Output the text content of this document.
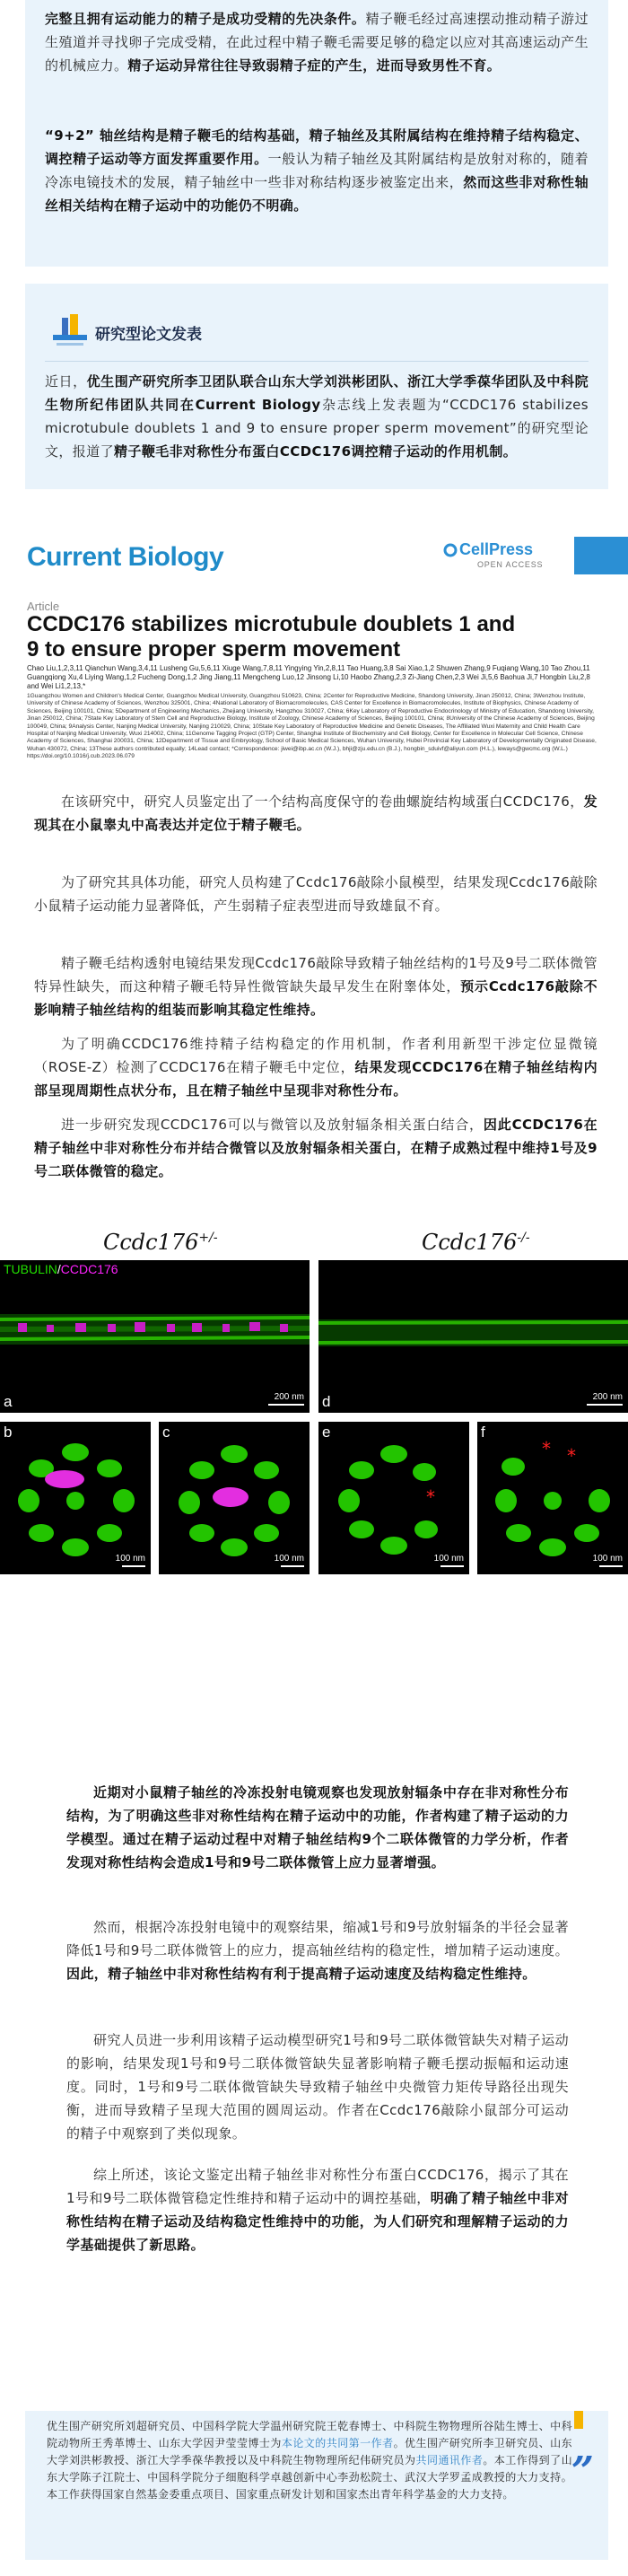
完整且拥有运动能力的精子是成功受精的先决条件。精子鞭毛经过高速摆动推动精子游过生殖道并寻找卵子完成受精，在此过程中精子鞭毛需要足够的稳定以应对其高速运动产生的机械应力。精子运动异常往往导致弱精子症的产生，进而导致男性不育。

“9+2” 轴丝结构是精子鞭毛的结构基础，精子轴丝及其附属结构在维持精子结构稳定、调控精子运动等方面发挥重要作用。一般认为精子轴丝及其附属结构是放射对称的，随着冷冻电镜技术的发展，精子轴丝中一些非对称结构逐步被鉴定出来，然而这些非对称性轴丝相关结构在精子运动中的功能仍不明确。

研究型论文发表

近日，优生围产研究所李卫团队联合山东大学刘洪彬团队、浙江大学季葆华团队及中科院生物所纪伟团队共同在Current Biology杂志线上发表题为“CCDC176 stabilizes microtubule doublets 1 and 9 to ensure proper sperm movement”的研究型论文，报道了精子鞭毛非对称性分布蛋白CCDC176调控精子运动的作用机制。

Current Biology	CellPress
OPEN ACCESS
Article
CCDC176 stabilizes microtubule doublets 1 and 9 to ensure proper sperm movement
Chao Liu,1,2,3,11 Qianchun Wang,3,4,11 Lusheng Gu,5,6,11 Xiuge Wang,7,8,11 Yingying Yin,2,8,11 Tao Huang,3,8 Sai Xiao,1,2 Shuwen Zhang,9 Fuqiang Wang,10 Tao Zhou,11 Guangqiong Xu,4 Liying Wang,1,2 Fucheng Dong,1,2 Jing Jiang,11 Mengcheng Luo,12 Jinsong Li,10 Haobo Zhang,2,3 Zi-Jiang Chen,2,3 Wei Ji,5,6 Baohua Ji,7 Hongbin Liu,2,8 and Wei Li1,2,13,*
1Guangzhou Women and Children's Medical Center, Guangzhou Medical University, Guangzhou 510623, China; 2Center for Reproductive Medicine, Shandong University, Jinan 250012, China; 3Wenzhou Institute, University of Chinese Academy of Sciences, Wenzhou 325001, China; 4National Laboratory of Biomacromolecules, CAS Center for Excellence in Biomacromolecules, Institute of Biophysics, Chinese Academy of Sciences, Beijing 100101, China; 5Department of Engineering Mechanics, Zhejiang University, Hangzhou 310027, China; 6Key Laboratory of Reproductive Endocrinology of Ministry of Education, Shandong University, Jinan 250012, China; 7State Key Laboratory of Stem Cell and Reproductive Biology, Institute of Zoology, Chinese Academy of Sciences, Beijing 100101, China; 8University of the Chinese Academy of Sciences, Beijing 100049, China; 9Analysis Center, Nanjing Medical University, Nanjing 210029, China; 10State Key Laboratory of Reproductive Medicine and Genetic Diseases, The Affiliated Wuxi Maternity and Child Health Care Hospital of Nanjing Medical University, Wuxi 214002, China; 11Genome Tagging Project (GTP) Center, Shanghai Institute of Biochemistry and Cell Biology, Center for Excellence in Molecular Cell Science, Chinese Academy of Sciences, Shanghai 200031, China; 12Department of Tissue and Embryology, School of Basic Medical Sciences, Wuhan University, Hubei Provincial Key Laboratory of Developmentally Originated Disease, Wuhan 430072, China; 13These authors contributed equally; 14Lead contact; *Correspondence: jiwei@ibp.ac.cn (W.J.), bhji@zju.edu.cn (B.J.), hongbin_sduivf@aliyun.com (H.L.), leways@gwcmc.org (W.L.) https://doi.org/10.1016/j.cub.2023.06.079

在该研究中，研究人员鉴定出了一个结构高度保守的卷曲螺旋结构域蛋白CCDC176，发现其在小鼠睾丸中高表达并定位于精子鞭毛。

为了研究其具体功能，研究人员构建了Ccdc176敲除小鼠模型，结果发现Ccdc176敲除小鼠精子运动能力显著降低，产生弱精子症表型进而导致雄鼠不育。

精子鞭毛结构透射电镜结果发现Ccdc176敲除导致精子轴丝结构的1号及9号二联体微管特异性缺失，而这种精子鞭毛特异性微管缺失最早发生在附睾体处，预示Ccdc176敲除不影响精子轴丝结构的组装而影响其稳定性维持。

为了明确CCDC176维持精子结构稳定的作用机制，作者利用新型干涉定位显微镜（ROSE-Z）检测了CCDC176在精子鞭毛中定位，结果发现CCDC176在精子轴丝结构内部呈现周期性点状分布，且在精子轴丝中呈现非对称性分布。

进一步研究发现CCDC176可以与微管以及放射辐条相关蛋白结合，因此CCDC176在精子轴丝中非对称性分布并结合微管以及放射辐条相关蛋白，在精子成熟过程中维持1号及9号二联体微管的稳定。

Ccdc176+/-	Ccdc176-/-
TUBULIN/CCDC176
a	200 nm d	200 nm
b
100 nm
c
100 nm
*
e
100 nm
* *
f
100 nm

近期对小鼠精子轴丝的冷冻投射电镜观察也发现放射辐条中存在非对称性分布结构，为了明确这些非对称性结构在精子运动中的功能，作者构建了精子运动的力学模型。通过在精子运动过程中对精子轴丝结构9个二联体微管的力学分析，作者发现对称性结构会造成1号和9号二联体微管上应力显著增强。

然而，根据冷冻投射电镜中的观察结果，缩减1号和9号放射辐条的半径会显著降低1号和9号二联体微管上的应力，提高轴丝结构的稳定性，增加精子运动速度。因此，精子轴丝中非对称性结构有利于提高精子运动速度及结构稳定性维持。

研究人员进一步利用该精子运动模型研究1号和9号二联体微管缺失对精子运动的影响，结果发现1号和9号二联体微管缺失显著影响精子鞭毛摆动振幅和运动速度。同时，1号和9号二联体微管缺失导致精子轴丝中央微管力矩传导路径出现失衡，进而导致精子呈现大范围的圆周运动。作者在Ccdc176敲除小鼠部分可运动的精子中观察到了类似现象。

综上所述，该论文鉴定出精子轴丝非对称性分布蛋白CCDC176，揭示了其在1号和9号二联体微管稳定性维持和精子运动中的调控基础，明确了精子轴丝中非对称性结构在精子运动及结构稳定性维持中的功能，为人们研究和理解精子运动的力学基础提供了新思路。

”

优生围产研究所刘超研究员、中国科学院大学温州研究院王乾春博士、中科院生物物理所谷陆生博士、中科院动物所王秀革博士、山东大学因尹莹莹博士为本论文的共同第一作者。优生围产研究所李卫研究员、山东大学刘洪彬教授、浙江大学季葆华教授以及中科院生物物理所纪伟研究员为共同通讯作者。本工作得到了山东大学陈子江院士、中国科学院分子细胞科学卓越创新中心李劲松院士、武汉大学罗孟成教授的大力支持。本工作获得国家自然基金委重点项目、国家重点研发计划和国家杰出青年科学基金的大力支持。
